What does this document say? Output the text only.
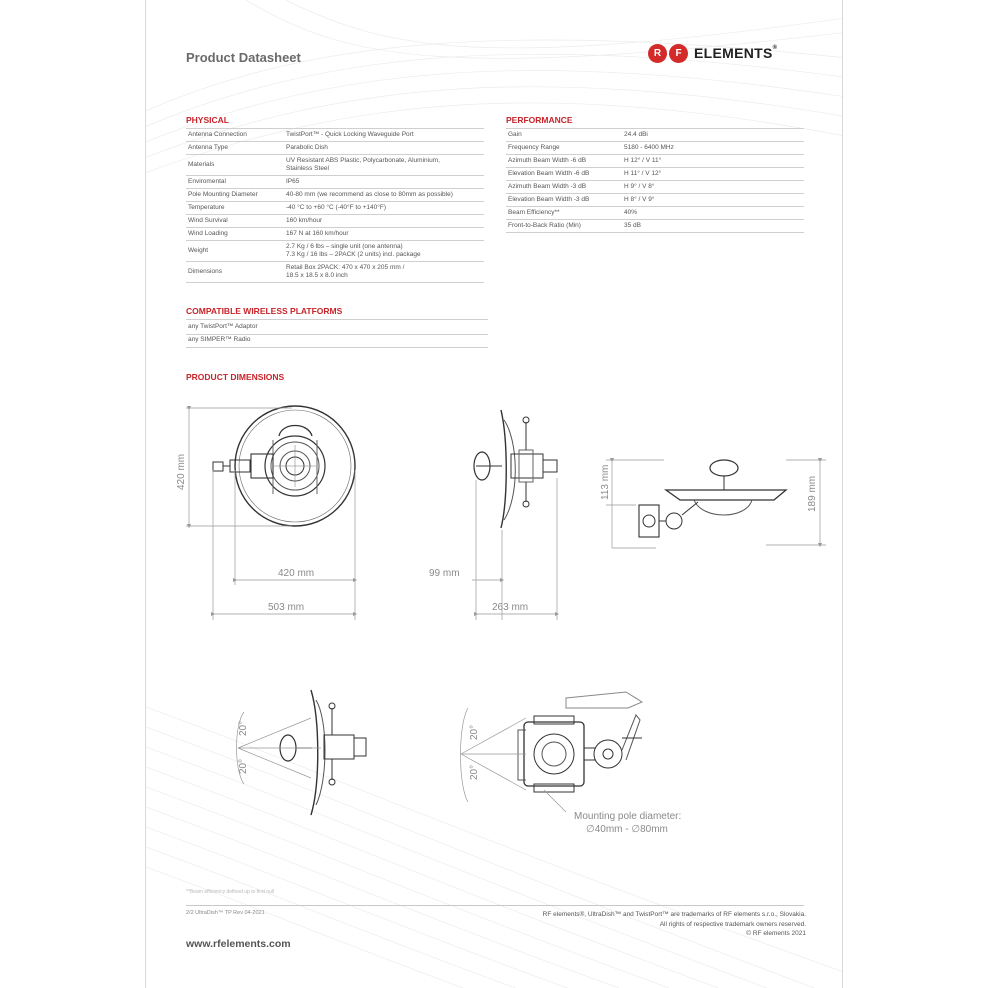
Product Datasheet	R	F ELEMENTS®
PHYSICAL
Antenna Connection	TwistPort™ - Quick Locking Waveguide Port

Antenna Type	Parabolic Dish

Materials	UV Resistant ABS Plastic, Polycarbonate, Aluminium,
Stainless Steel

Enviromental	IP65

Pole Mounting Diameter	40-80 mm (we recommend as close to 80mm as possible)

Temperature	-40 °C to +60 °C (-40°F to +140°F)

Wind Survival	160 km/hour

Wind Loading	167 N at 160 km/hour

Weight	2.7 Kg / 6 lbs – single unit (one antenna)
7.3 Kg / 16 lbs – 2PACK (2 units) incl. package

Dimensions	Retail Box 2PACK: 470 x 470 x 205 mm /
18.5 x 18.5 x 8.0 inch
PERFORMANCE
Gain	24.4 dBi

Frequency Range	5180 - 6400 MHz

Azimuth Beam Width -6 dB	H 12° / V 11°

Elevation Beam Width -6 dB	H 11° / V 12°

Azimuth Beam Width -3 dB	H 9° / V 8°

Elevation Beam Width -3 dB	H 8° / V 9°

Beam Efficiency**	40%

Front-to-Back Ratio (Min)	35 dB
COMPATIBLE WIRELESS PLATFORMS
any TwistPort™ Adaptor
any SIMPER™ Radio
PRODUCT DIMENSIONS
420 mm
420 mm
503 mm
99 mm
263 mm
113 mm	189 mm
20°
20°
20°
20°
Mounting pole diameter:
∅40mm - ∅80mm
**Beam efficiency defined up to first null
2/2 UltraDish™ TP Rev 04-2021	RF elements®, UltraDish™ and TwistPort™ are trademarks of RF elements s.r.o., Slovakia.
All rights of respective trademark owners reserved.
© RF elements 2021
www.rfelements.com
